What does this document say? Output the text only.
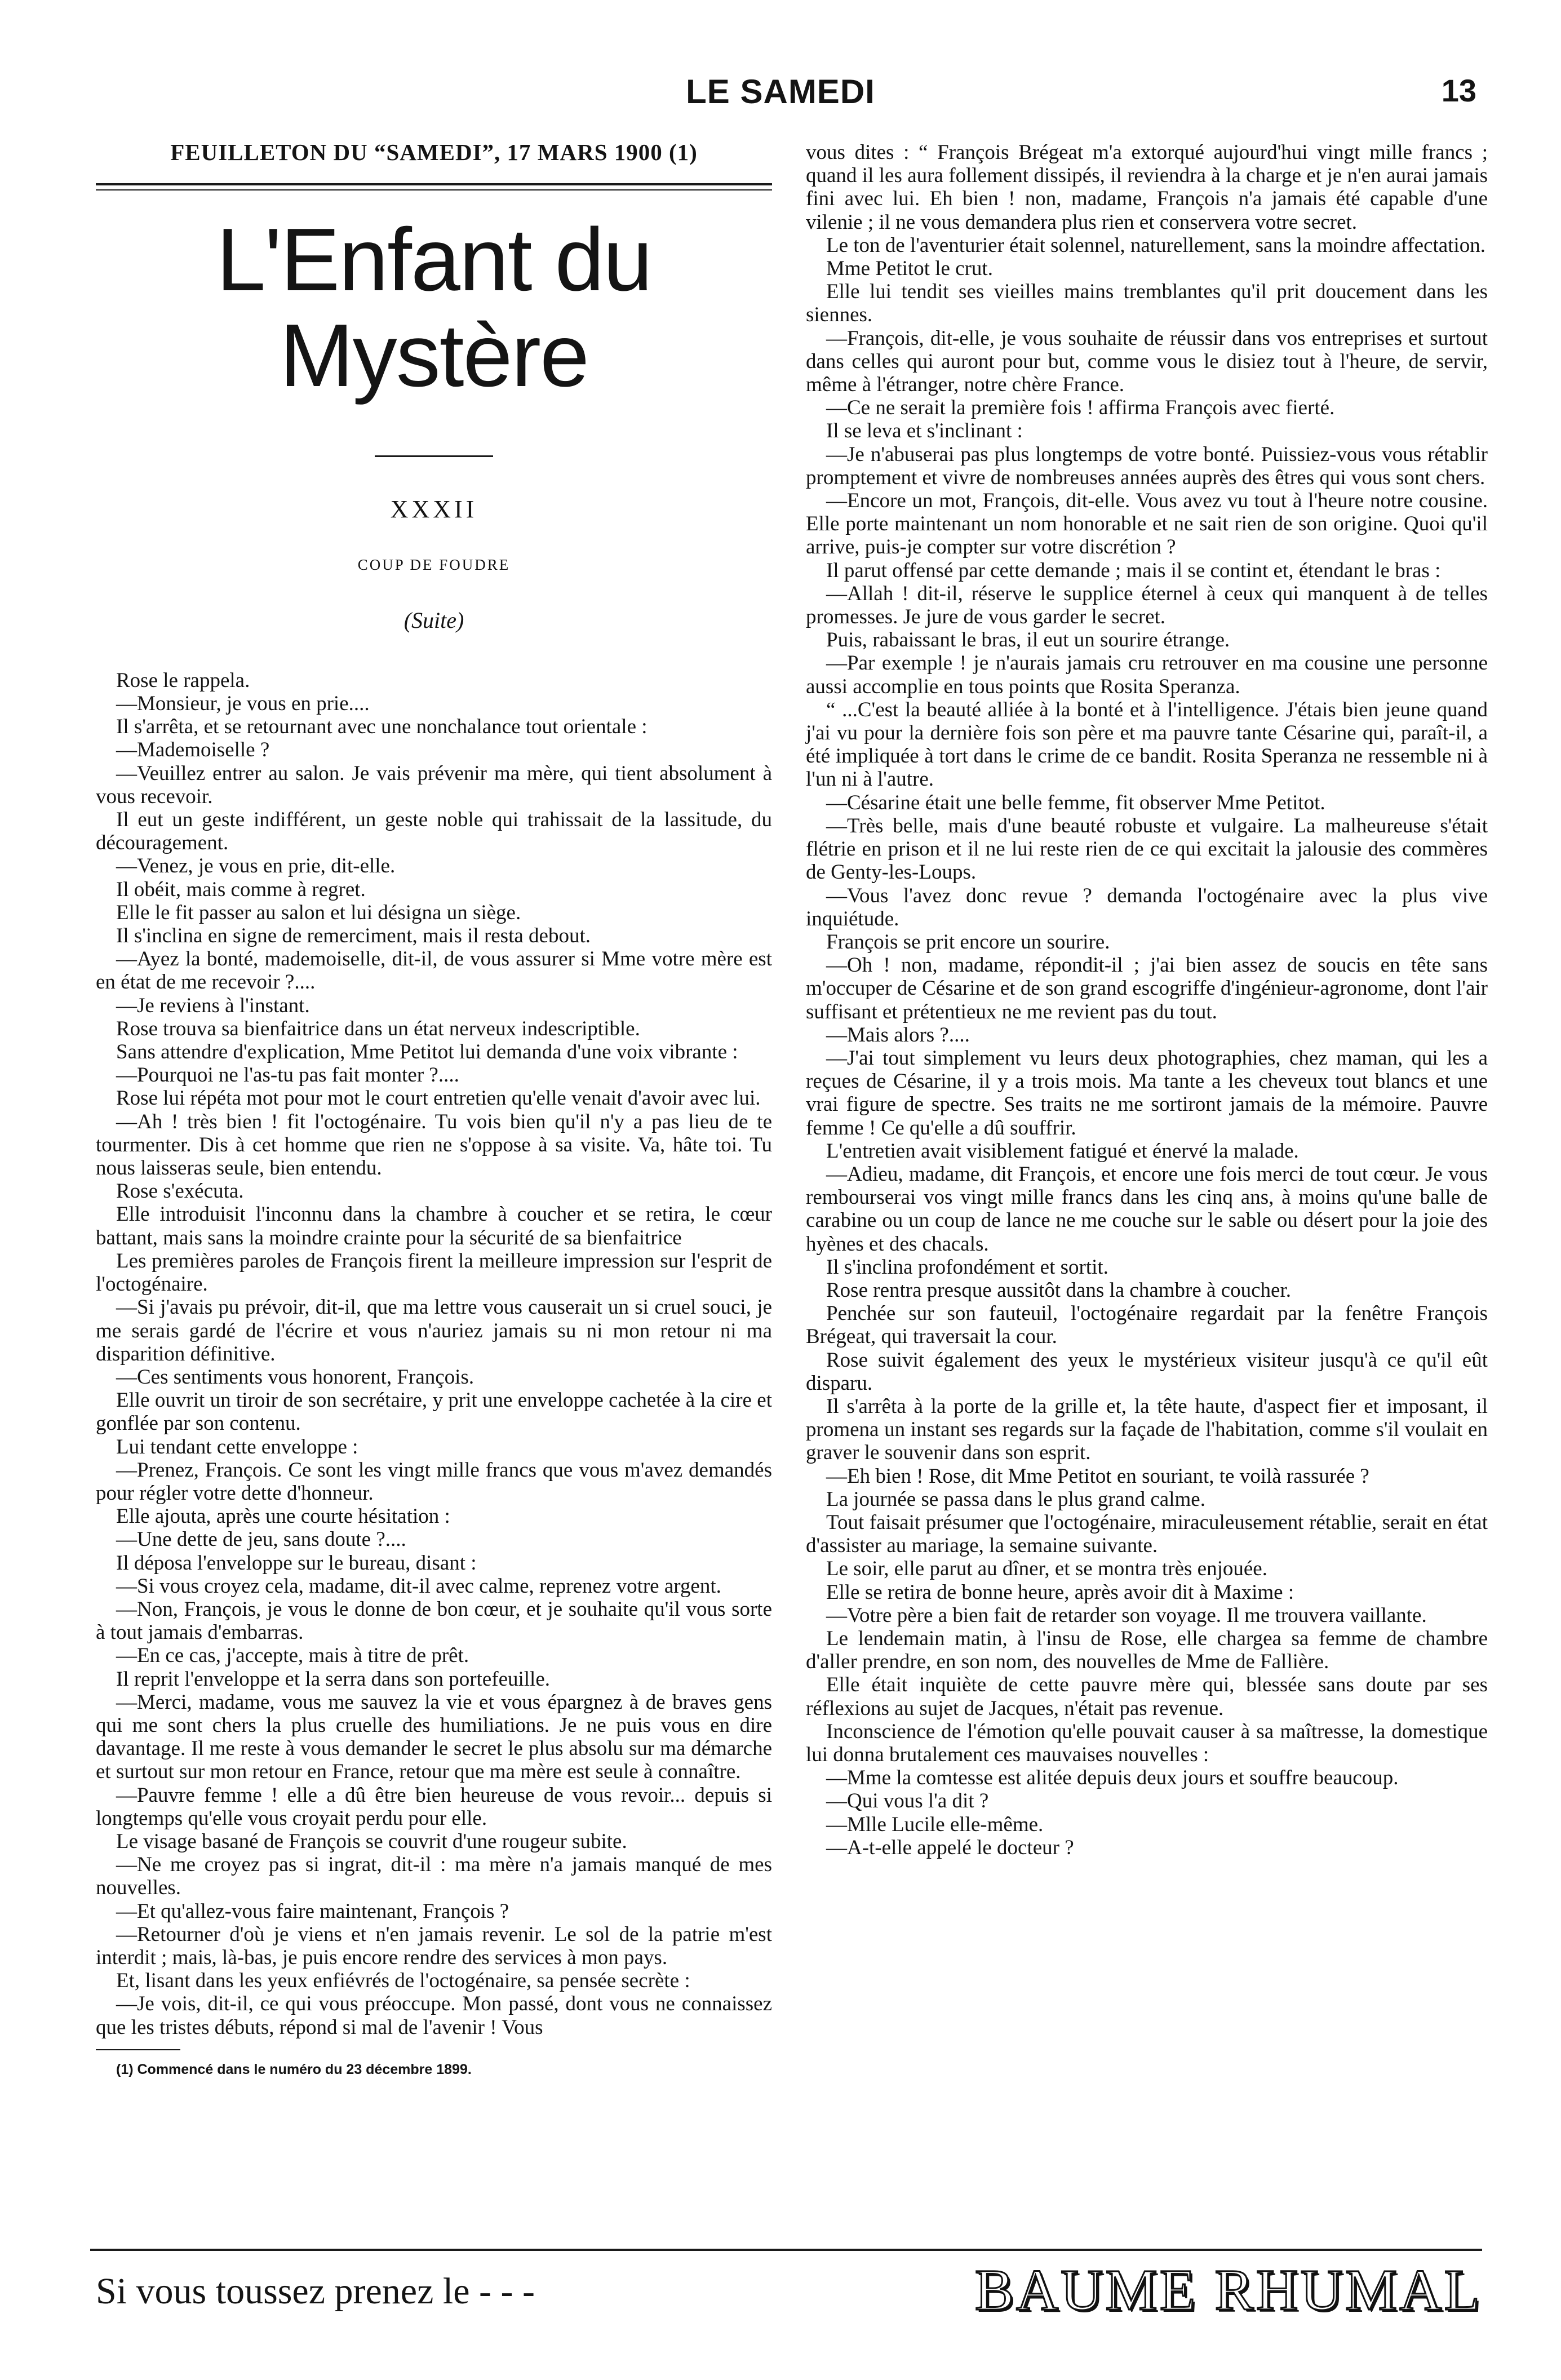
LE SAMEDI	13
FEUILLETON DU “SAMEDI”, 17 MARS 1900 (1)
L'Enfant du Mystère
XXXII
COUP DE FOUDRE
(Suite)

Rose le rappela.

—Monsieur, je vous en prie....

Il s'arrêta, et se retournant avec une nonchalance tout orientale :

—Mademoiselle ?

—Veuillez entrer au salon. Je vais prévenir ma mère, qui tient absolument à vous recevoir.

Il eut un geste indifférent, un geste noble qui trahissait de la lassitude, du découragement.

—Venez, je vous en prie, dit-elle.

Il obéit, mais comme à regret.

Elle le fit passer au salon et lui désigna un siège.

Il s'inclina en signe de remerciment, mais il resta debout.

—Ayez la bonté, mademoiselle, dit-il, de vous assurer si Mme votre mère est en état de me recevoir ?....

—Je reviens à l'instant.

Rose trouva sa bienfaitrice dans un état nerveux indescriptible.

Sans attendre d'explication, Mme Petitot lui demanda d'une voix vibrante :

—Pourquoi ne l'as-tu pas fait monter ?....

Rose lui répéta mot pour mot le court entretien qu'elle venait d'avoir avec lui.

—Ah ! très bien ! fit l'octogénaire. Tu vois bien qu'il n'y a pas lieu de te tourmenter. Dis à cet homme que rien ne s'oppose à sa visite. Va, hâte toi. Tu nous laisseras seule, bien entendu.

Rose s'exécuta.

Elle introduisit l'inconnu dans la chambre à coucher et se retira, le cœur battant, mais sans la moindre crainte pour la sécurité de sa bienfaitrice

Les premières paroles de François firent la meilleure impression sur l'esprit de l'octogénaire.

—Si j'avais pu prévoir, dit-il, que ma lettre vous causerait un si cruel souci, je me serais gardé de l'écrire et vous n'auriez jamais su ni mon retour ni ma disparition définitive.

—Ces sentiments vous honorent, François.

Elle ouvrit un tiroir de son secrétaire, y prit une enveloppe cachetée à la cire et gonflée par son contenu.

Lui tendant cette enveloppe :

—Prenez, François. Ce sont les vingt mille francs que vous m'avez demandés pour régler votre dette d'honneur.

Elle ajouta, après une courte hésitation :

—Une dette de jeu, sans doute ?....

Il déposa l'enveloppe sur le bureau, disant :

—Si vous croyez cela, madame, dit-il avec calme, reprenez votre argent.

—Non, François, je vous le donne de bon cœur, et je souhaite qu'il vous sorte à tout jamais d'embarras.

—En ce cas, j'accepte, mais à titre de prêt.

Il reprit l'enveloppe et la serra dans son portefeuille.

—Merci, madame, vous me sauvez la vie et vous épargnez à de braves gens qui me sont chers la plus cruelle des humiliations. Je ne puis vous en dire davantage. Il me reste à vous demander le secret le plus absolu sur ma démarche et surtout sur mon retour en France, retour que ma mère est seule à connaître.

—Pauvre femme ! elle a dû être bien heureuse de vous revoir... depuis si longtemps qu'elle vous croyait perdu pour elle.

Le visage basané de François se couvrit d'une rougeur subite.

—Ne me croyez pas si ingrat, dit-il : ma mère n'a jamais manqué de mes nouvelles.

—Et qu'allez-vous faire maintenant, François ?

—Retourner d'où je viens et n'en jamais revenir. Le sol de la patrie m'est interdit ; mais, là-bas, je puis encore rendre des services à mon pays.

Et, lisant dans les yeux enfiévrés de l'octogénaire, sa pensée secrète :

—Je vois, dit-il, ce qui vous préoccupe. Mon passé, dont vous ne connaissez que les tristes débuts, répond si mal de l'avenir ! Vous

(1) Commencé dans le numéro du 23 décembre 1899.

vous dites : “ François Brégeat m'a extorqué aujourd'hui vingt mille francs ; quand il les aura follement dissipés, il reviendra à la charge et je n'en aurai jamais fini avec lui. Eh bien ! non, madame, François n'a jamais été capable d'une vilenie ; il ne vous demandera plus rien et conservera votre secret.

Le ton de l'aventurier était solennel, naturellement, sans la moindre affectation.

Mme Petitot le crut.

Elle lui tendit ses vieilles mains tremblantes qu'il prit doucement dans les siennes.

—François, dit-elle, je vous souhaite de réussir dans vos entreprises et surtout dans celles qui auront pour but, comme vous le disiez tout à l'heure, de servir, même à l'étranger, notre chère France.

—Ce ne serait la première fois ! affirma François avec fierté.

Il se leva et s'inclinant :

—Je n'abuserai pas plus longtemps de votre bonté. Puissiez-vous vous rétablir promptement et vivre de nombreuses années auprès des êtres qui vous sont chers.

—Encore un mot, François, dit-elle. Vous avez vu tout à l'heure notre cousine. Elle porte maintenant un nom honorable et ne sait rien de son origine. Quoi qu'il arrive, puis-je compter sur votre discrétion ?

Il parut offensé par cette demande ; mais il se contint et, étendant le bras :

—Allah ! dit-il, réserve le supplice éternel à ceux qui manquent à de telles promesses. Je jure de vous garder le secret.

Puis, rabaissant le bras, il eut un sourire étrange.

—Par exemple ! je n'aurais jamais cru retrouver en ma cousine une personne aussi accomplie en tous points que Rosita Speranza.

“ ...C'est la beauté alliée à la bonté et à l'intelligence. J'étais bien jeune quand j'ai vu pour la dernière fois son père et ma pauvre tante Césarine qui, paraît-il, a été impliquée à tort dans le crime de ce bandit. Rosita Speranza ne ressemble ni à l'un ni à l'autre.

—Césarine était une belle femme, fit observer Mme Petitot.

—Très belle, mais d'une beauté robuste et vulgaire. La malheureuse s'était flétrie en prison et il ne lui reste rien de ce qui excitait la jalousie des commères de Genty-les-Loups.

—Vous l'avez donc revue ? demanda l'octogénaire avec la plus vive inquiétude.

François se prit encore un sourire.

—Oh ! non, madame, répondit-il ; j'ai bien assez de soucis en tête sans m'occuper de Césarine et de son grand escogriffe d'ingénieur-agronome, dont l'air suffisant et prétentieux ne me revient pas du tout.

—Mais alors ?....

—J'ai tout simplement vu leurs deux photographies, chez maman, qui les a reçues de Césarine, il y a trois mois. Ma tante a les cheveux tout blancs et une vrai figure de spectre. Ses traits ne me sortiront jamais de la mémoire. Pauvre femme ! Ce qu'elle a dû souffrir.

L'entretien avait visiblement fatigué et énervé la malade.

—Adieu, madame, dit François, et encore une fois merci de tout cœur. Je vous rembourserai vos vingt mille francs dans les cinq ans, à moins qu'une balle de carabine ou un coup de lance ne me couche sur le sable ou désert pour la joie des hyènes et des chacals.

Il s'inclina profondément et sortit.

Rose rentra presque aussitôt dans la chambre à coucher.

Penchée sur son fauteuil, l'octogénaire regardait par la fenêtre François Brégeat, qui traversait la cour.

Rose suivit également des yeux le mystérieux visiteur jusqu'à ce qu'il eût disparu.

Il s'arrêta à la porte de la grille et, la tête haute, d'aspect fier et imposant, il promena un instant ses regards sur la façade de l'habitation, comme s'il voulait en graver le souvenir dans son esprit.

—Eh bien ! Rose, dit Mme Petitot en souriant, te voilà rassurée ?

La journée se passa dans le plus grand calme.

Tout faisait présumer que l'octogénaire, miraculeusement rétablie, serait en état d'assister au mariage, la semaine suivante.

Le soir, elle parut au dîner, et se montra très enjouée.

Elle se retira de bonne heure, après avoir dit à Maxime :

—Votre père a bien fait de retarder son voyage. Il me trouvera vaillante.

Le lendemain matin, à l'insu de Rose, elle chargea sa femme de chambre d'aller prendre, en son nom, des nouvelles de Mme de Fallière.

Elle était inquiète de cette pauvre mère qui, blessée sans doute par ses réflexions au sujet de Jacques, n'était pas revenue.

Inconscience de l'émotion qu'elle pouvait causer à sa maîtresse, la domestique lui donna brutalement ces mauvaises nouvelles :

—Mme la comtesse est alitée depuis deux jours et souffre beaucoup.

—Qui vous l'a dit ?

—Mlle Lucile elle-même.

—A-t-elle appelé le docteur ?

Si vous toussez prenez le - - -	BAUME RHUMAL
